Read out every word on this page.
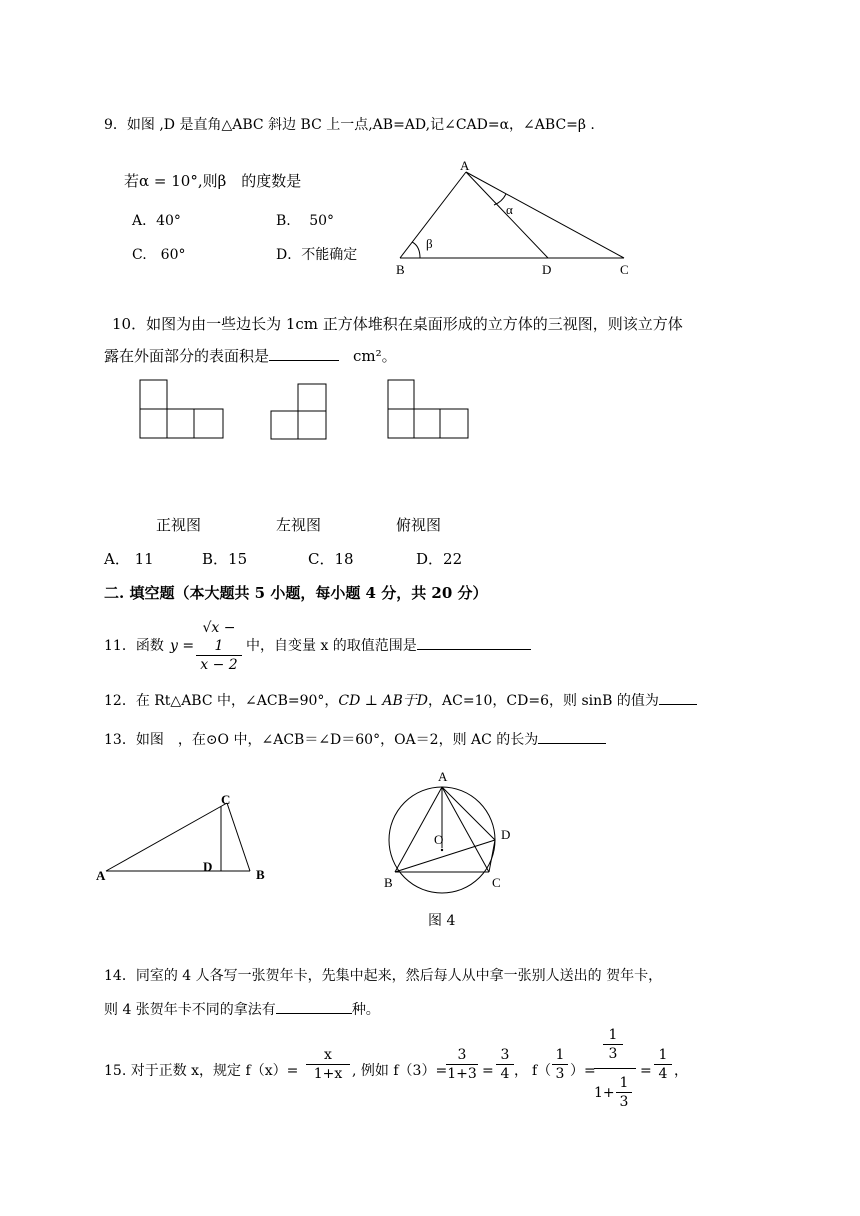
9．如图 ,D 是直角△ABC 斜边 BC 上一点,AB=AD,记∠CAD=α，∠ABC=β .
若α = 10°,则β　的度数是
A．40°	B.　 50°
C.　60°	D．不能确定
A
B	D	C
α
β
10．如图为由一些边长为 1cm 正方体堆积在桌面形成的立方体的三视图，则该立方体
露在外面部分的表面积是	cm²。
正视图	左视图	俯视图
A． 11	B．15	C．18	D．22
二. 填空题（本大题共 5 小题，每小题 4 分，共 20 分）
11．函数 $y = \frac{√x - 1}{x - 2}$ 中，自变量 x 的取值范围是
12．在 Rt△ABC 中，∠ACB=90°，CD ⊥ AB于D，AC=10，CD=6，则 sinB 的值为
13．如图　，在⊙O 中，∠ACB＝∠D＝60°，OA＝2，则 AC 的长为
A
C
D
B
A
O	D
B	C
图 4
14．同室的 4 人各写一张贺年卡，先集中起来，然后每人从中拿一张别人送出的 贺年卡，
则 4 张贺年卡不同的拿法有	种。
15. 对于正数 x，规定 $f(x)= \frac{x}{1+x}$ , 例如 f（3）=
$\frac{3}{1+3} = \frac{3}{4}$ ， $f( \frac{1}{3}$ ）=
$\frac{1}{3}$
$1+ \frac{1}{3}$
= $\frac{1}{4}$ ，
